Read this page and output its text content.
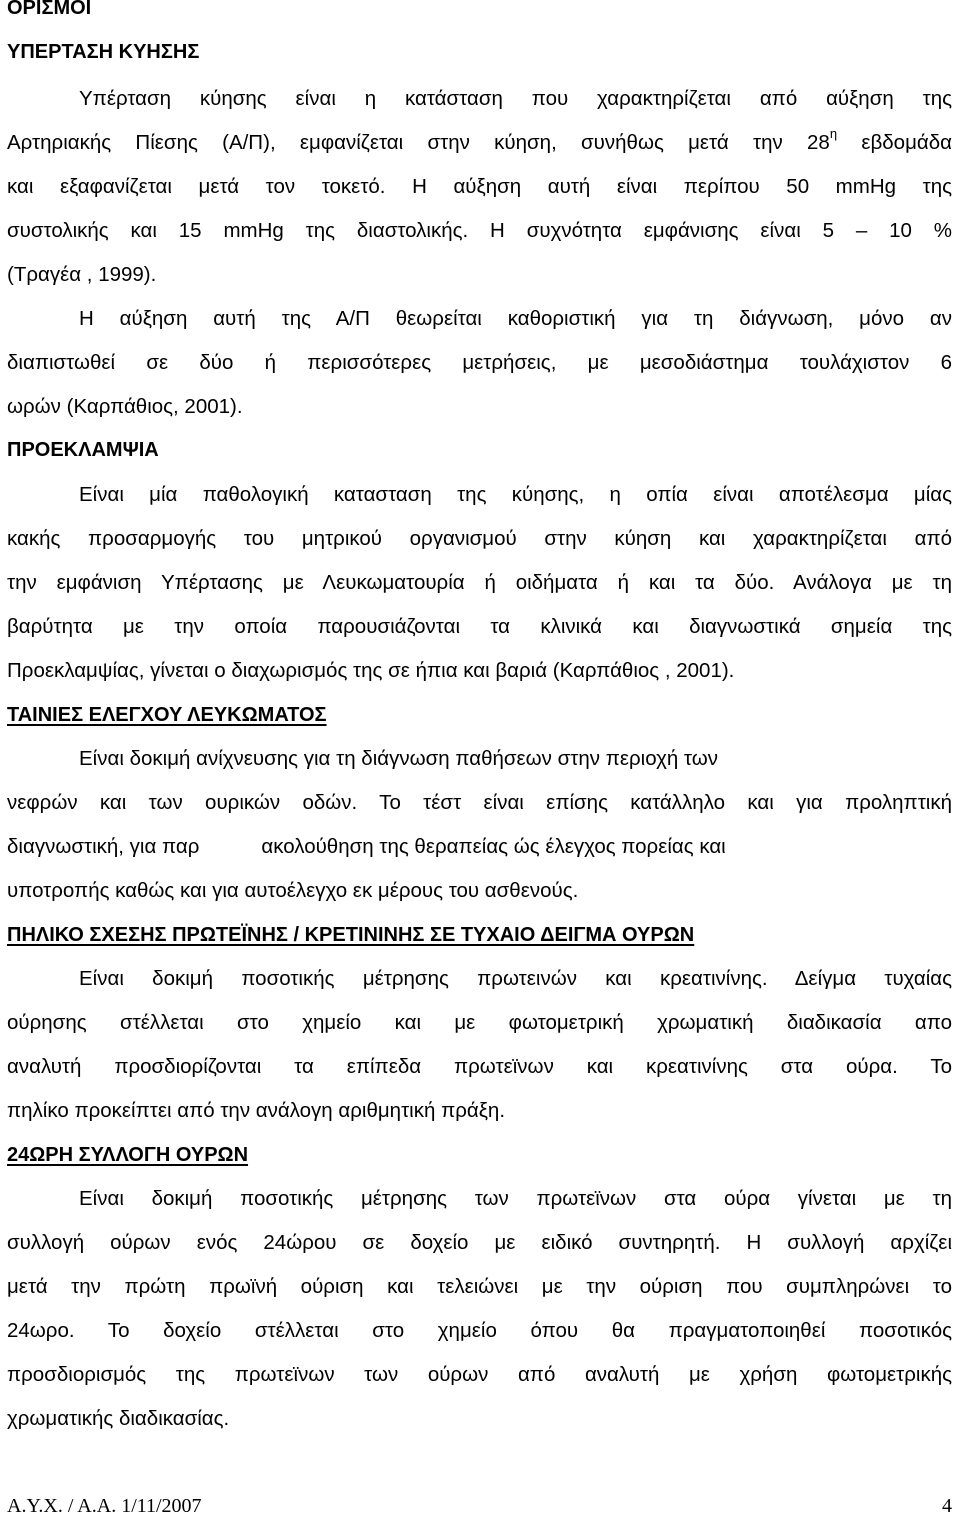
ΟΡΙΣΜΟΙ
ΥΠΕΡΤΑΣΗ ΚΥΗΣΗΣ

Υπέρταση κύησης είναι η κατάσταση που χαρακτηρίζεται από αύξηση της

Αρτηριακής Πίεσης (Α/Π), εμφανίζεται στην κύηση, συνήθως μετά την $28^\eta$ εβδομάδα

και εξαφανίζεται μετά τον τοκετό. Η αύξηση αυτή είναι περίπου 50 mmHg της

συστολικής και 15 mmHg της διαστολικής. Η συχνότητα εμφάνισης είναι 5 – 10 %

(Τραγέα , 1999).

Η αύξηση αυτή της Α/Π θεωρείται καθοριστική για τη διάγνωση, μόνο αν

διαπιστωθεί σε δύο ή περισσότερες μετρήσεις, με μεσοδιάστημα τουλάχιστον 6

ωρών (Καρπάθιος, 2001).

ΠΡΟΕΚΛΑΜΨΙΑ

Είναι μία παθολογική κατασταση της κύησης, η οπία είναι αποτέλεσμα μίας

κακής προσαρμογής του μητρικού οργανισμού στην κύηση και χαρακτηρίζεται από

την εμφάνιση Υπέρτασης με Λευκωματουρία ή οιδήματα ή και τα δύο. Ανάλογα με τη

βαρύτητα με την οποία παρουσιάζονται τα κλινικά και διαγνωστικά σημεία της

Προεκλαμψίας, γίνεται ο διαχωρισμός της σε ήπια και βαριά (Καρπάθιος , 2001).

ΤΑΙΝΙΕΣ ΕΛΕΓΧΟΥ ΛΕΥΚΩΜΑΤΟΣ

Είναι δοκιμή ανίχνευσης για τη διάγνωση παθήσεων στην περιοχή των

νεφρών και των ουρικών οδών. Το τέστ είναι επίσης κατάλληλο και για προληπτική

διαγνωστική, για παρ	ακολούθηση της θεραπείας ώς έλεγχος πορείας και

υποτροπής καθώς και για αυτοέλεγχο εκ μέρους του ασθενούς.

ΠΗΛΙΚΟ ΣΧΕΣΗΣ ΠΡΩΤΕΪΝΗΣ / ΚΡΕΤΙΝΙΝΗΣ ΣΕ ΤΥΧΑΙΟ ΔΕΙΓΜΑ ΟΥΡΩΝ

Είναι δοκιμή ποσοτικής μέτρησης πρωτεινών και κρεατινίνης. Δείγμα τυχαίας

ούρησης στέλλεται στο χημείο και με φωτομετρική χρωματική διαδικασία απο

αναλυτή προσδιορίζονται τα επίπεδα πρωτεϊνων και κρεατινίνης στα ούρα. Το

πηλίκο προκείπτει από την ανάλογη αριθμητική πράξη.

24ΩΡΗ ΣΥΛΛΟΓΗ ΟΥΡΩΝ

Είναι δοκιμή ποσοτικής μέτρησης των πρωτεϊνων στα ούρα γίνεται με τη

συλλογή ούρων ενός 24ώρου σε δοχείο με ειδικό συντηρητή. Η συλλογή αρχίζει

μετά την πρώτη πρωϊνή ούριση και τελειώνει με την ούριση που συμπληρώνει το

24ωρο. Το δοχείο στέλλεται στο χημείο όπου θα πραγματοποιηθεί ποσοτικός

προσδιορισμός της πρωτεϊνων των ούρων από αναλυτή με χρήση φωτομετρικής

χρωματικής διαδικασίας.

Α.Υ.Χ. / Α.Α. 1/11/2007	4
